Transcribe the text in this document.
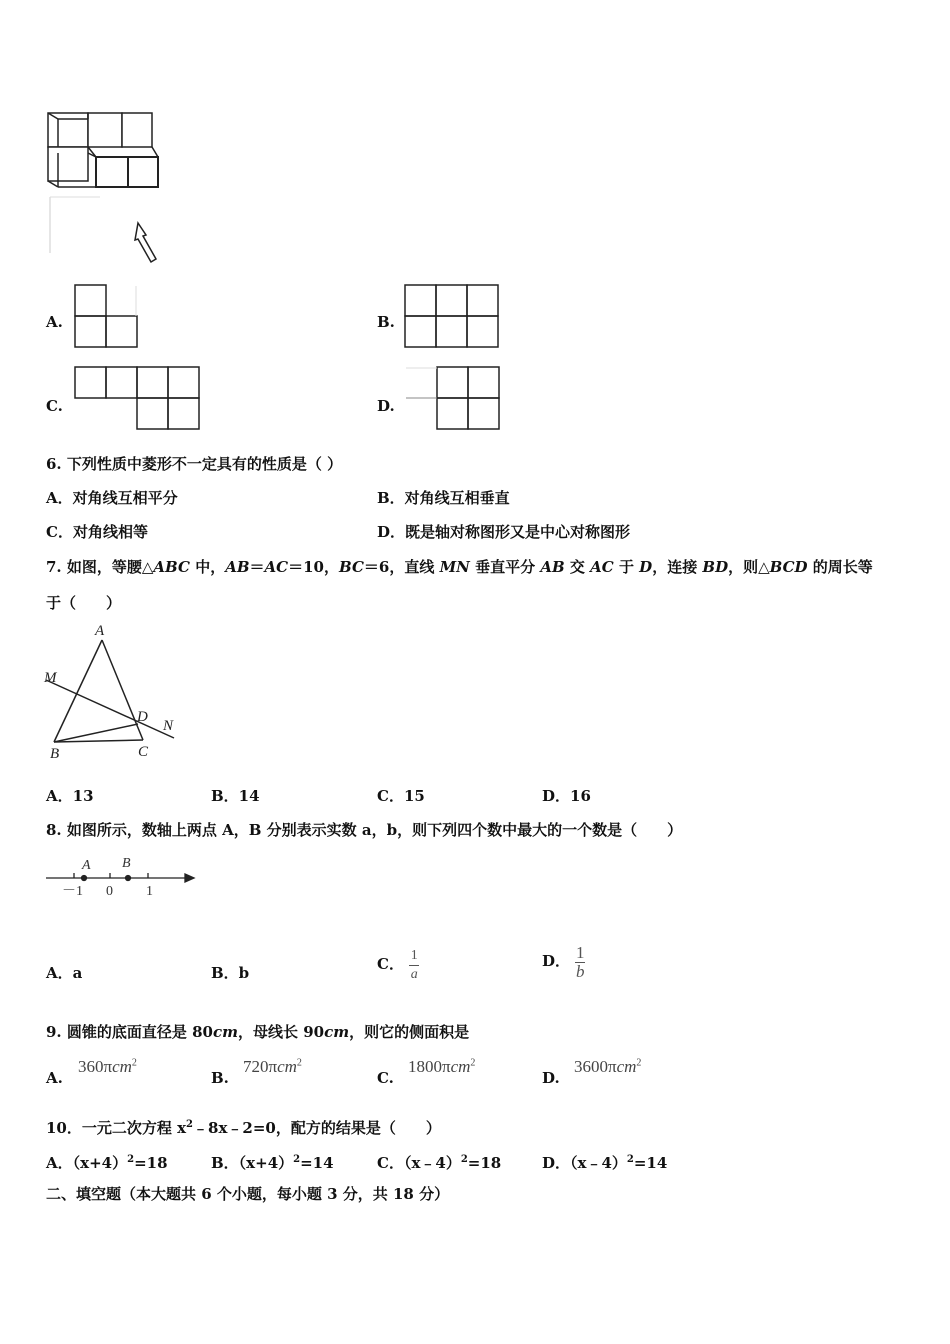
A.	B.
C.	D.
6. 下列性质中菱形不一定具有的性质是（ ）
A．对角线互相平分	B．对角线互相垂直
C．对角线相等	D．既是轴对称图形又是中心对称图形
7. 如图，等腰△ABC 中，AB＝AC＝10，BC＝6，直线 MN 垂直平分 AB 交 AC 于 D，连接 BD，则△BCD 的周长等
于（　　）
A
M
D
N
B	C
A．13	B．14	C．15	D．16
8. 如图所示，数轴上两点 A，B 分别表示实数 a，b，则下列四个数中最大的一个数是（　　）
A B
－1 0 1
A．a	B．b	C． $\frac{1}{a}$	D． $\frac{1}{b}$
9. 圆锥的底面直径是 80cm，母线长 90cm，则它的侧面积是
A.
360πcm$^2$
B.
720πcm$^2$
C.
1800πcm$^2$
D.
3600πcm$^2$
10．一元二次方程 $x^2﹣8x﹣2=0$，配方的结果是（　　）
A．$(x+4)^2=18$	B．$(x+4)^2=14$	C．（x﹣4）$^2$=18	D．（x﹣4）$^2$=14
二、填空题（本大题共 6 个小题，每小题 3 分，共 18 分）
